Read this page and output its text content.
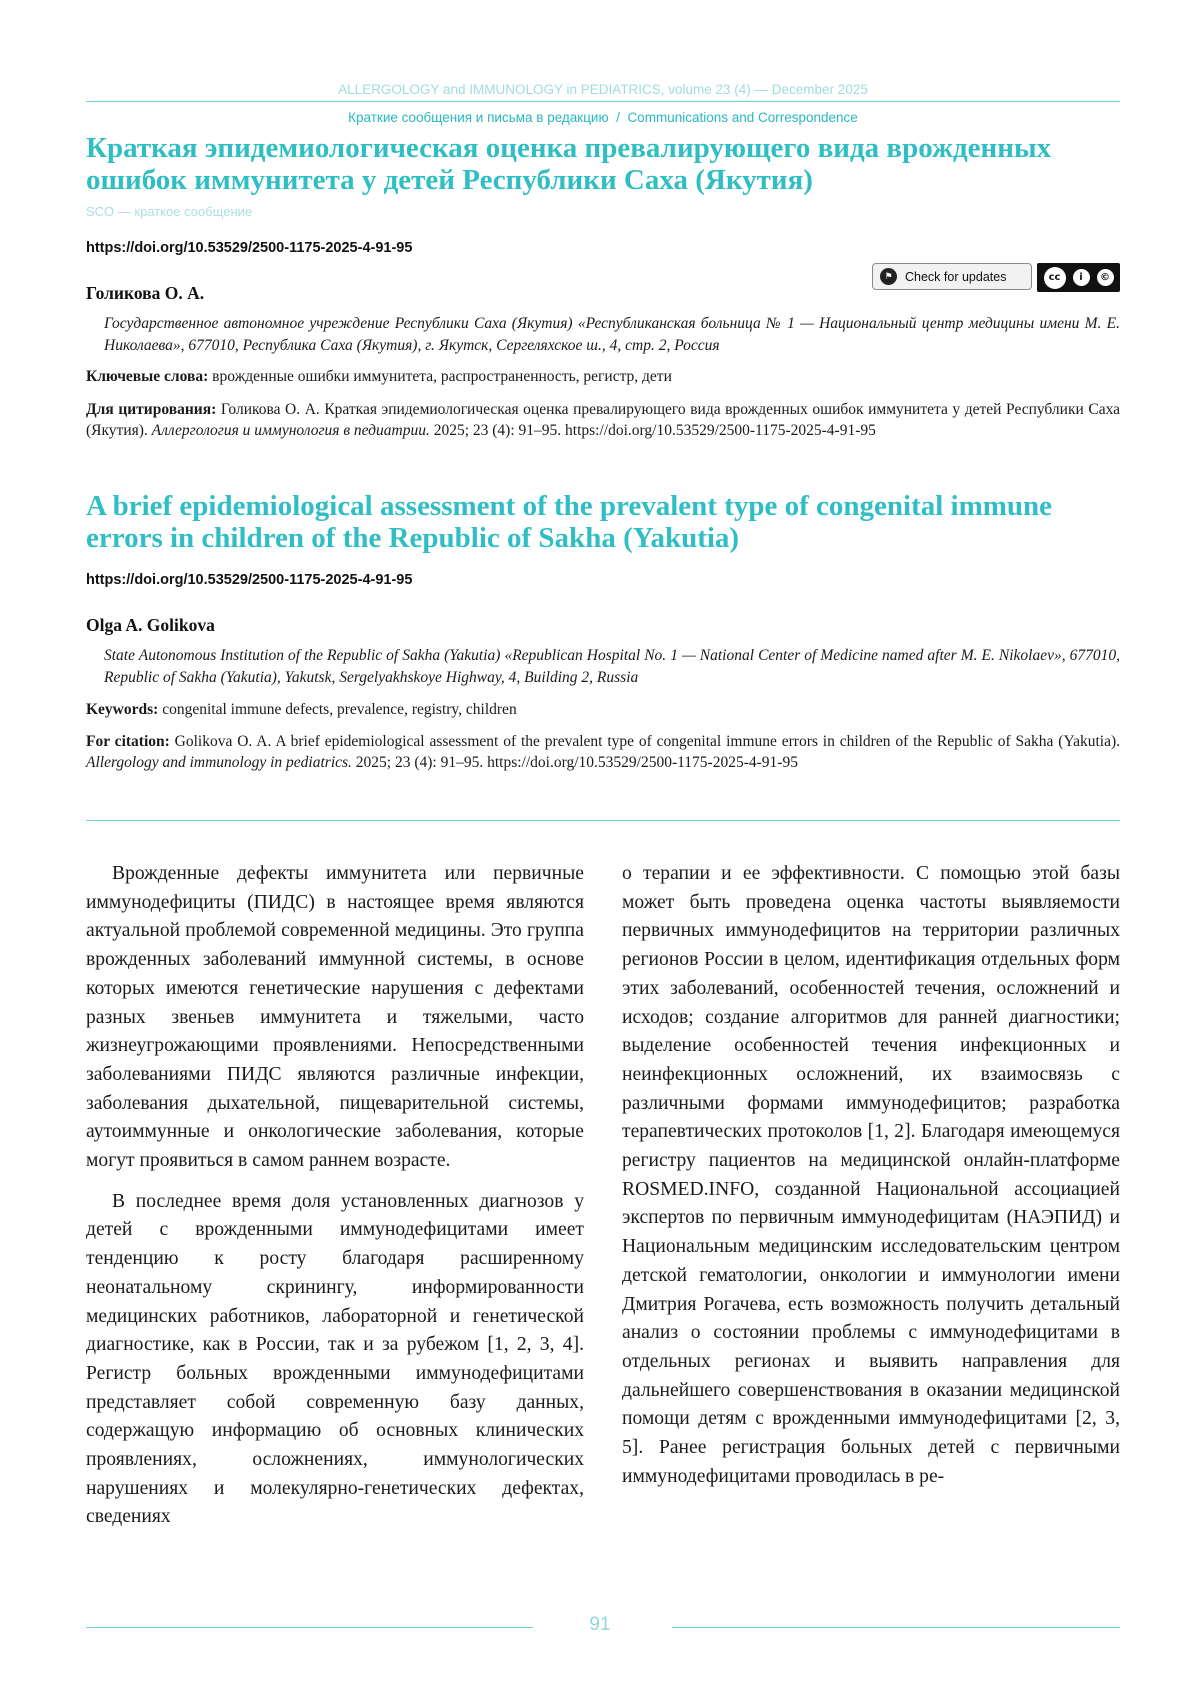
ALLERGOLOGY and IMMUNOLOGY in PEDIATRICS, volume 23 (4) — December 2025
Краткие сообщения и письма в редакцию / Communications and Correspondence
Краткая эпидемиологическая оценка превалирующего вида врожденных ошибок иммунитета у детей Республики Саха (Якутия)
SCO — краткое сообщение
https://doi.org/10.53529/2500-1175-2025-4-91-95
⚑ Check for updates	cc	i	©
Голикова О. А.
Государственное автономное учреждение Республики Саха (Якутия) «Республиканская больница № 1 — Национальный центр медицины имени М. Е. Николаева», 677010, Республика Саха (Якутия), г. Якутск, Сергеляхское ш., 4, стр. 2, Россия
Ключевые слова: врожденные ошибки иммунитета, распространенность, регистр, дети
Для цитирования: Голикова О. А. Краткая эпидемиологическая оценка превалирующего вида врожденных ошибок иммунитета у детей Республики Саха (Якутия). Аллергология и иммунология в педиатрии. 2025; 23 (4): 91–95. https://doi.org/10.53529/2500-1175-2025-4-91-95
A brief epidemiological assessment of the prevalent type of congenital immune errors in children of the Republic of Sakha (Yakutia)
https://doi.org/10.53529/2500-1175-2025-4-91-95
Olga A. Golikova
State Autonomous Institution of the Republic of Sakha (Yakutia) «Republican Hospital No. 1 — National Center of Medicine named after M. E. Nikolaev», 677010, Republic of Sakha (Yakutia), Yakutsk, Sergelyakhskoye Highway, 4, Building 2, Russia
Keywords: congenital immune defects, prevalence, registry, children
For citation: Golikova O. A. A brief epidemiological assessment of the prevalent type of congenital immune errors in children of the Republic of Sakha (Yakutia). Allergology and immunology in pediatrics. 2025; 23 (4): 91–95. https://doi.org/10.53529/2500-1175-2025-4-91-95

Врожденные дефекты иммунитета или первичные иммунодефициты (ПИДС) в настоящее время являются актуальной проблемой современной медицины. Это группа врожденных заболеваний иммунной системы, в основе которых имеются генетические нарушения с дефектами разных звеньев иммунитета и тяжелыми, часто жизнеугрожающими проявлениями. Непосредственными заболеваниями ПИДС являются различные инфекции, заболевания дыхательной, пищеварительной системы, аутоиммунные и онкологические заболевания, которые могут проявиться в самом раннем возрасте.

В последнее время доля установленных диагнозов у детей с врожденными иммунодефицитами имеет тенденцию к росту благодаря расширенному неонатальному скринингу, информированности медицинских работников, лабораторной и генетической диагностике, как в России, так и за рубежом [1, 2, 3, 4]. Регистр больных врожденными иммунодефицитами представляет собой современную базу данных, содержащую информацию об основных клинических проявлениях, осложнениях, иммунологических нарушениях и молекулярно-генетических дефектах, сведениях

о терапии и ее эффективности. С помощью этой базы может быть проведена оценка частоты выявляемости первичных иммунодефицитов на территории различных регионов России в целом, идентификация отдельных форм этих заболеваний, особенностей течения, осложнений и исходов; создание алгоритмов для ранней диагностики; выделение особенностей течения инфекционных и неинфекционных осложнений, их взаимосвязь с различными формами иммунодефицитов; разработка терапевтических протоколов [1, 2]. Благодаря имеющемуся регистру пациентов на медицинской онлайн-платформе ROSMED.INFO, созданной Национальной ассоциацией экспертов по первичным иммунодефицитам (НАЭПИД) и Национальным медицинским исследовательским центром детской гематологии, онкологии и иммунологии имени Дмитрия Рогачева, есть возможность получить детальный анализ о состоянии проблемы с иммунодефицитами в отдельных регионах и выявить направления для дальнейшего совершенствования в оказании медицинской помощи детям с врожденными иммунодефицитами [2, 3, 5]. Ранее регистрация больных детей с первичными иммунодефицитами проводилась в ре-

91
